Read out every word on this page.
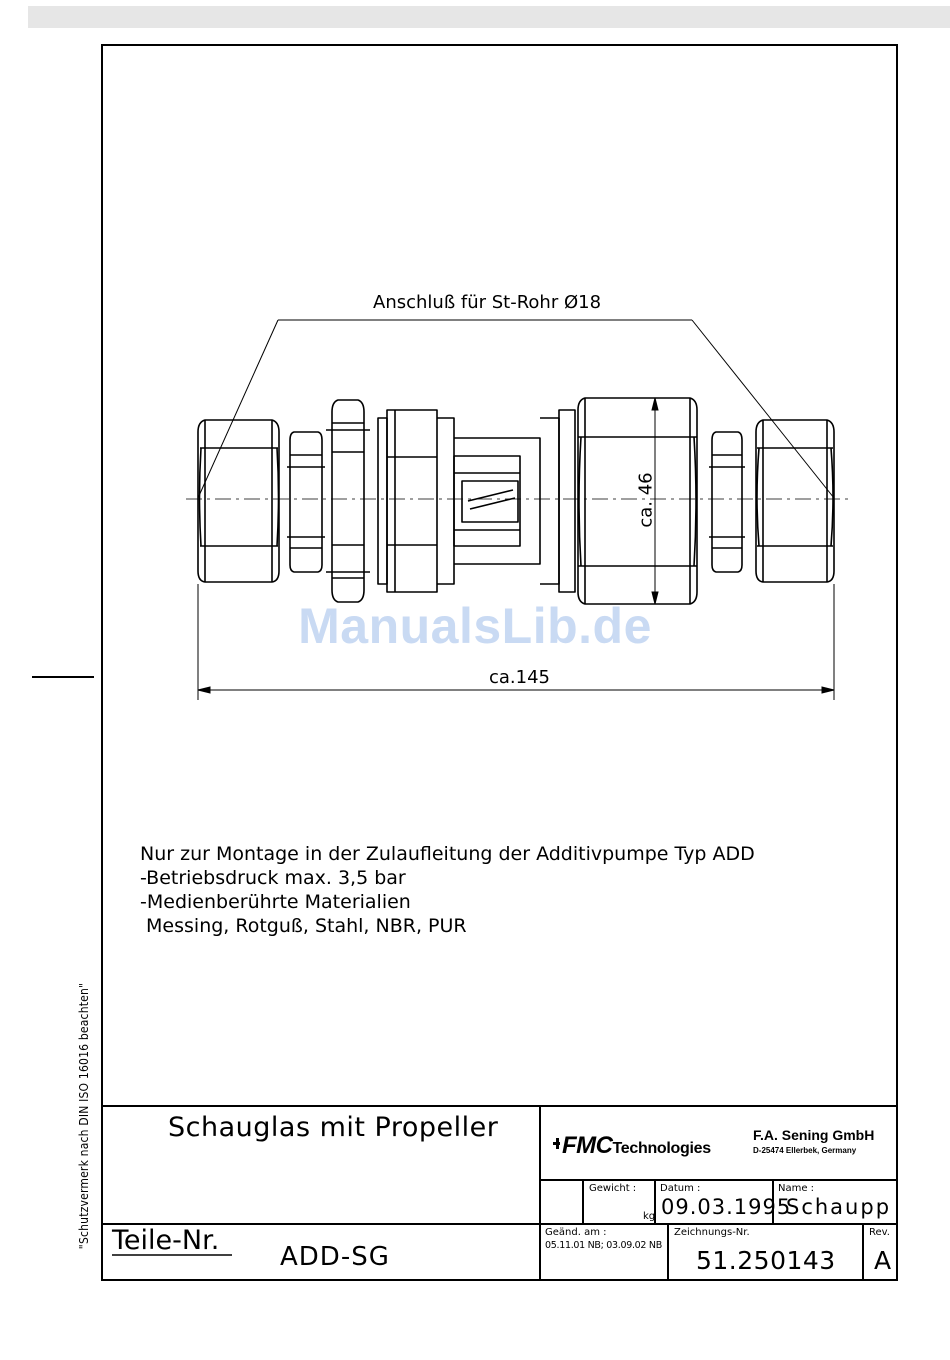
"Schutzvermerk nach DIN ISO 16016 beachten"
Anschluß für St-Rohr Ø18
ca.145
ca. 46
ManualsLib.de
Nur zur Montage in der Zulaufleitung der Additivpumpe Typ ADD
-Betriebsdruck max. 3,5 bar
-Medienberührte Materialien
Messing, Rotguß, Stahl, NBR, PUR
Schauglas mit Propeller
FMCTechnologies
F.A. Sening GmbH
D-25474 Ellerbek, Germany
Gewicht :
kg
Datum :
09.03.1995
Name :
Schaupp
Teile-Nr.
ADD-SG
Geänd. am :
05.11.01 NB; 03.09.02 NB
Zeichnungs-Nr.
51.250143
Rev.
A
